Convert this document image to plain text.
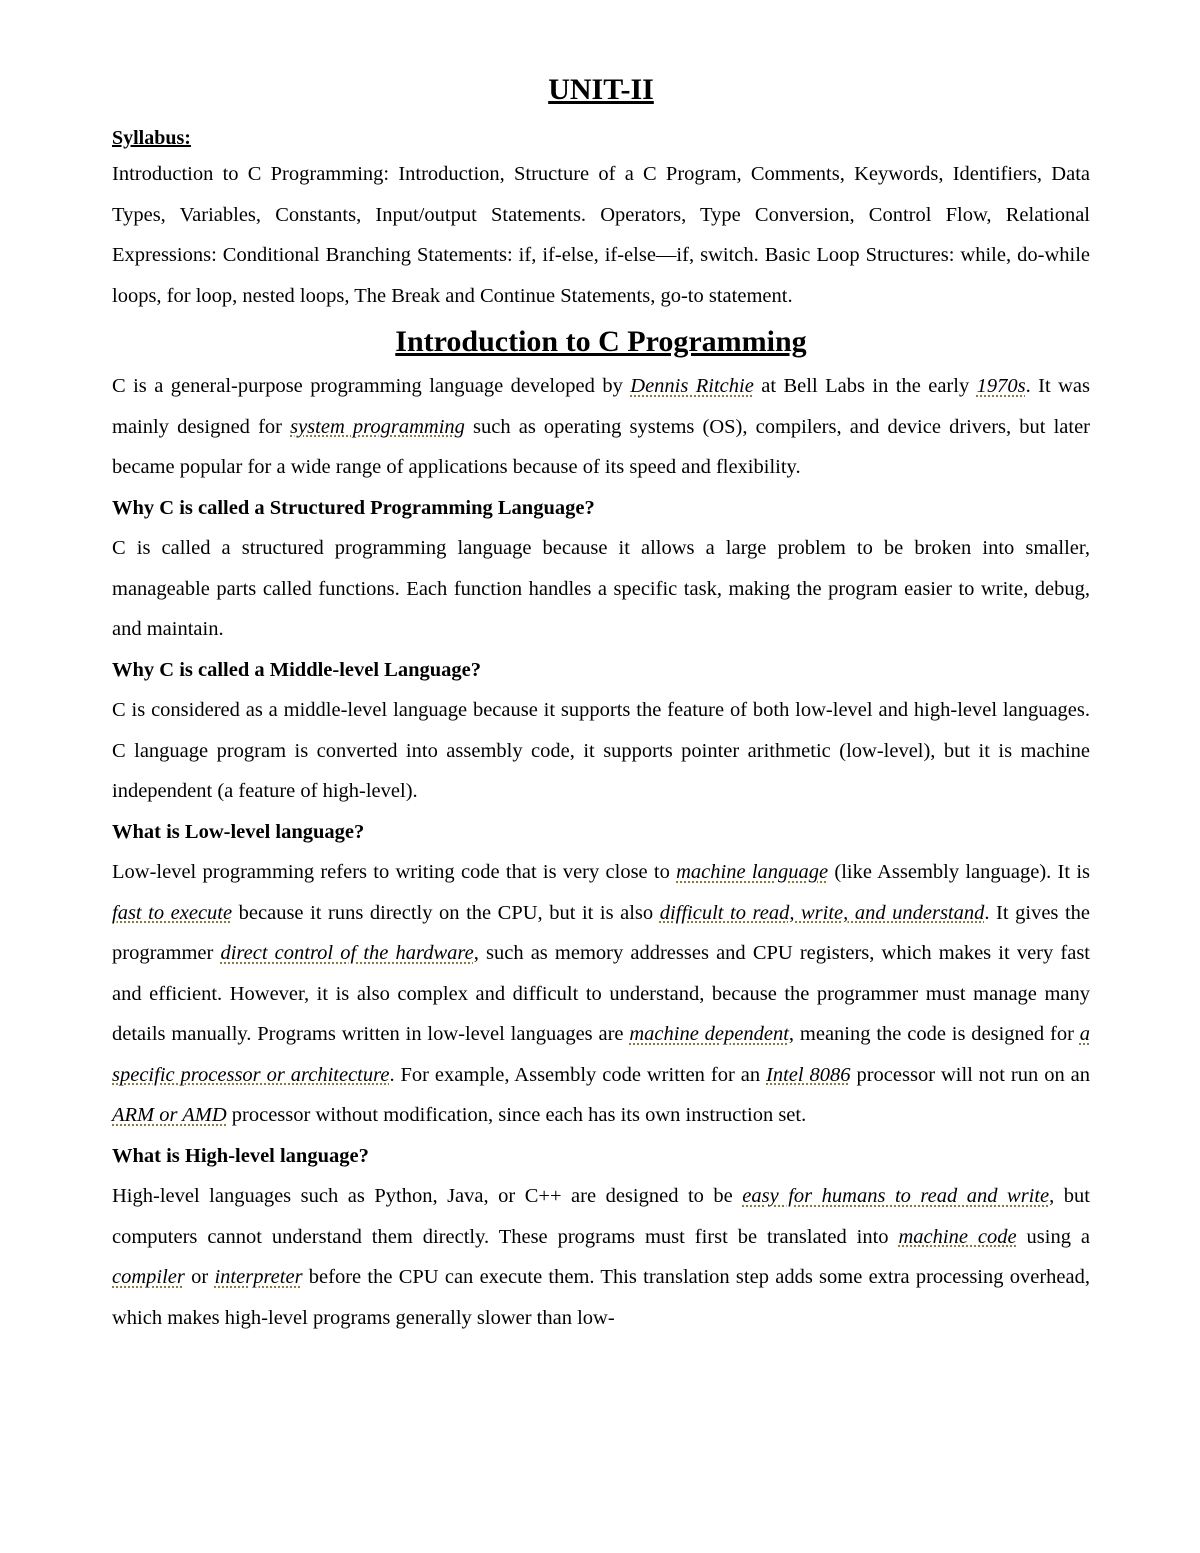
UNIT-II
Syllabus:

Introduction to C Programming: Introduction, Structure of a C Program, Comments, Keywords, Identifiers, Data Types, Variables, Constants, Input/output Statements. Operators, Type Conversion, Control Flow, Relational Expressions: Conditional Branching Statements: if, if-else, if-else—if, switch. Basic Loop Structures: while, do-while loops, for loop, nested loops, The Break and Continue Statements, go-to statement.

Introduction to C Programming

C is a general-purpose programming language developed by Dennis Ritchie at Bell Labs in the early 1970s. It was mainly designed for system programming such as operating systems (OS), compilers, and device drivers, but later became popular for a wide range of applications because of its speed and flexibility.

Why C is called a Structured Programming Language?

C is called a structured programming language because it allows a large problem to be broken into smaller, manageable parts called functions. Each function handles a specific task, making the program easier to write, debug, and maintain.

Why C is called a Middle-level Language?

C is considered as a middle-level language because it supports the feature of both low-level and high-level languages. C language program is converted into assembly code, it supports pointer arithmetic (low-level), but it is machine independent (a feature of high-level).

What is Low-level language?

Low-level programming refers to writing code that is very close to machine language (like Assembly language). It is fast to execute because it runs directly on the CPU, but it is also difficult to read, write, and understand. It gives the programmer direct control of the hardware, such as memory addresses and CPU registers, which makes it very fast and efficient. However, it is also complex and difficult to understand, because the programmer must manage many details manually. Programs written in low-level languages are machine dependent, meaning the code is designed for a specific processor or architecture. For example, Assembly code written for an Intel 8086 processor will not run on an ARM or AMD processor without modification, since each has its own instruction set.

What is High-level language?

High-level languages such as Python, Java, or C++ are designed to be easy for humans to read and write, but computers cannot understand them directly. These programs must first be translated into machine code using a compiler or interpreter before the CPU can execute them. This translation step adds some extra processing overhead, which makes high-level programs generally slower than low-
